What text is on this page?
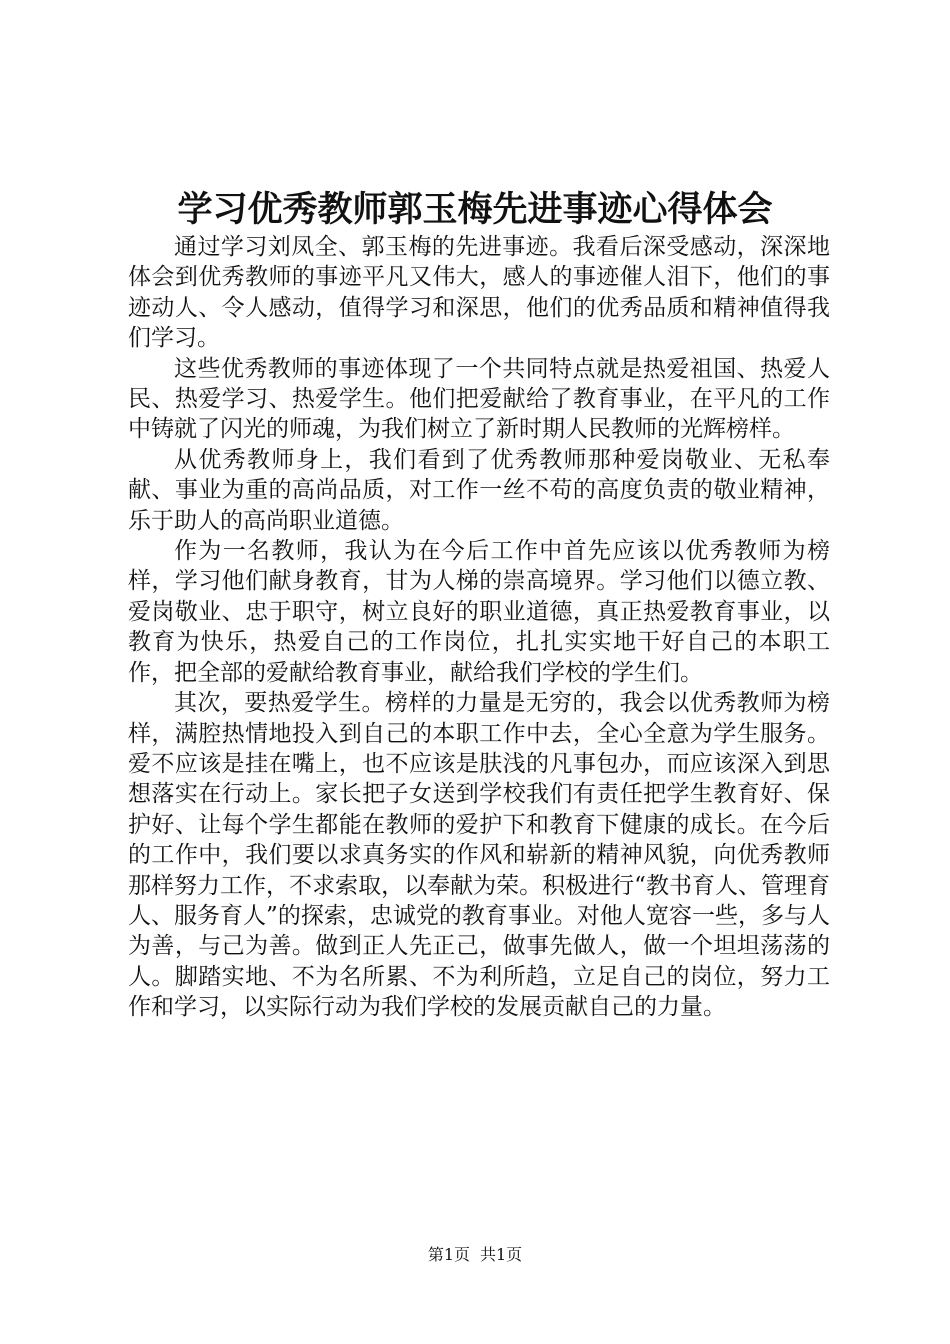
学习优秀教师郭玉梅先进事迹心得体会

通过学习刘凤全、郭玉梅的先进事迹。我看后深受感动，深深地体会到优秀教师的事迹平凡又伟大，感人的事迹催人泪下，他们的事迹动人、令人感动，值得学习和深思，他们的优秀品质和精神值得我们学习。

这些优秀教师的事迹体现了一个共同特点就是热爱祖国、热爱人民、热爱学习、热爱学生。他们把爱献给了教育事业，在平凡的工作中铸就了闪光的师魂，为我们树立了新时期人民教师的光辉榜样。

从优秀教师身上，我们看到了优秀教师那种爱岗敬业、无私奉献、事业为重的高尚品质，对工作一丝不苟的高度负责的敬业精神，乐于助人的高尚职业道德。

作为一名教师，我认为在今后工作中首先应该以优秀教师为榜样，学习他们献身教育，甘为人梯的崇高境界。学习他们以德立教、爱岗敬业、忠于职守，树立良好的职业道德，真正热爱教育事业，以教育为快乐，热爱自己的工作岗位，扎扎实实地干好自己的本职工作，把全部的爱献给教育事业，献给我们学校的学生们。

其次，要热爱学生。榜样的力量是无穷的，我会以优秀教师为榜样，满腔热情地投入到自己的本职工作中去，全心全意为学生服务。爱不应该是挂在嘴上，也不应该是肤浅的凡事包办，而应该深入到思想落实在行动上。家长把子女送到学校我们有责任把学生教育好、保护好、让每个学生都能在教师的爱护下和教育下健康的成长。在今后的工作中，我们要以求真务实的作风和崭新的精神风貌，向优秀教师那样努力工作，不求索取，以奉献为荣。积极进行“教书育人、管理育人、服务育人”的探索，忠诚党的教育事业。对他人宽容一些，多与人为善，与己为善。做到正人先正己，做事先做人，做一个坦坦荡荡的人。脚踏实地、不为名所累、不为利所趋，立足自己的岗位，努力工作和学习，以实际行动为我们学校的发展贡献自己的力量。

第1页 共1页
